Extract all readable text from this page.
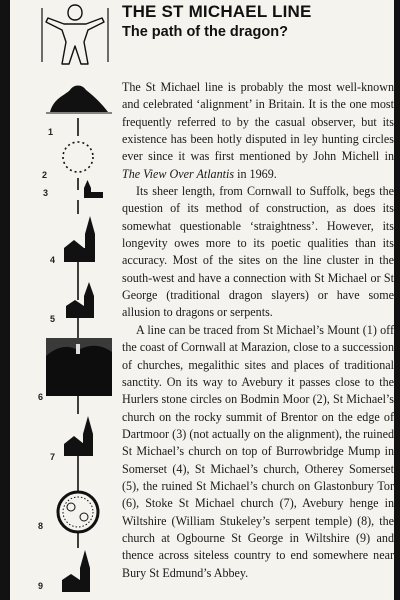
THE ST MICHAEL LINE
The path of the dragon?
1
2
3
4
5
6
7
8
9

The St Michael line is probably the most well-known and celebrated ‘alignment’ in Britain. It is the one most frequently referred to by the casual observer, but its existence has been hotly disputed in ley hunting circles ever since it was first mentioned by John Michell in The View Over Atlantis in 1969.

Its sheer length, from Cornwall to Suffolk, begs the question of its method of construction, as does its somewhat questionable ‘straightness’. However, its longevity owes more to its poetic qualities than its accuracy. Most of the sites on the line cluster in the south-west and have a connection with St Michael or St George (traditional dragon slayers) or have some allusion to dragons or serpents.

A line can be traced from St Michael’s Mount (1) off the coast of Cornwall at Marazion, close to a succession of churches, megalithic sites and places of traditional sanctity. On its way to Avebury it passes close to the Hurlers stone circles on Bodmin Moor (2), St Michael’s church on the rocky summit of Brentor on the edge of Dartmoor (3) (not actually on the alignment), the ruined St Michael’s church on top of Burrowbridge Mump in Somerset (4), St Michael’s church, Otherey Somerset (5), the ruined St Michael’s church on Glastonbury Tor (6), Stoke St Michael church (7), Avebury henge in Wiltshire (William Stukeley’s serpent temple) (8), the church at Ogbourne St George in Wiltshire (9) and thence across siteless country to end somewhere near Bury St Edmund’s Abbey.
